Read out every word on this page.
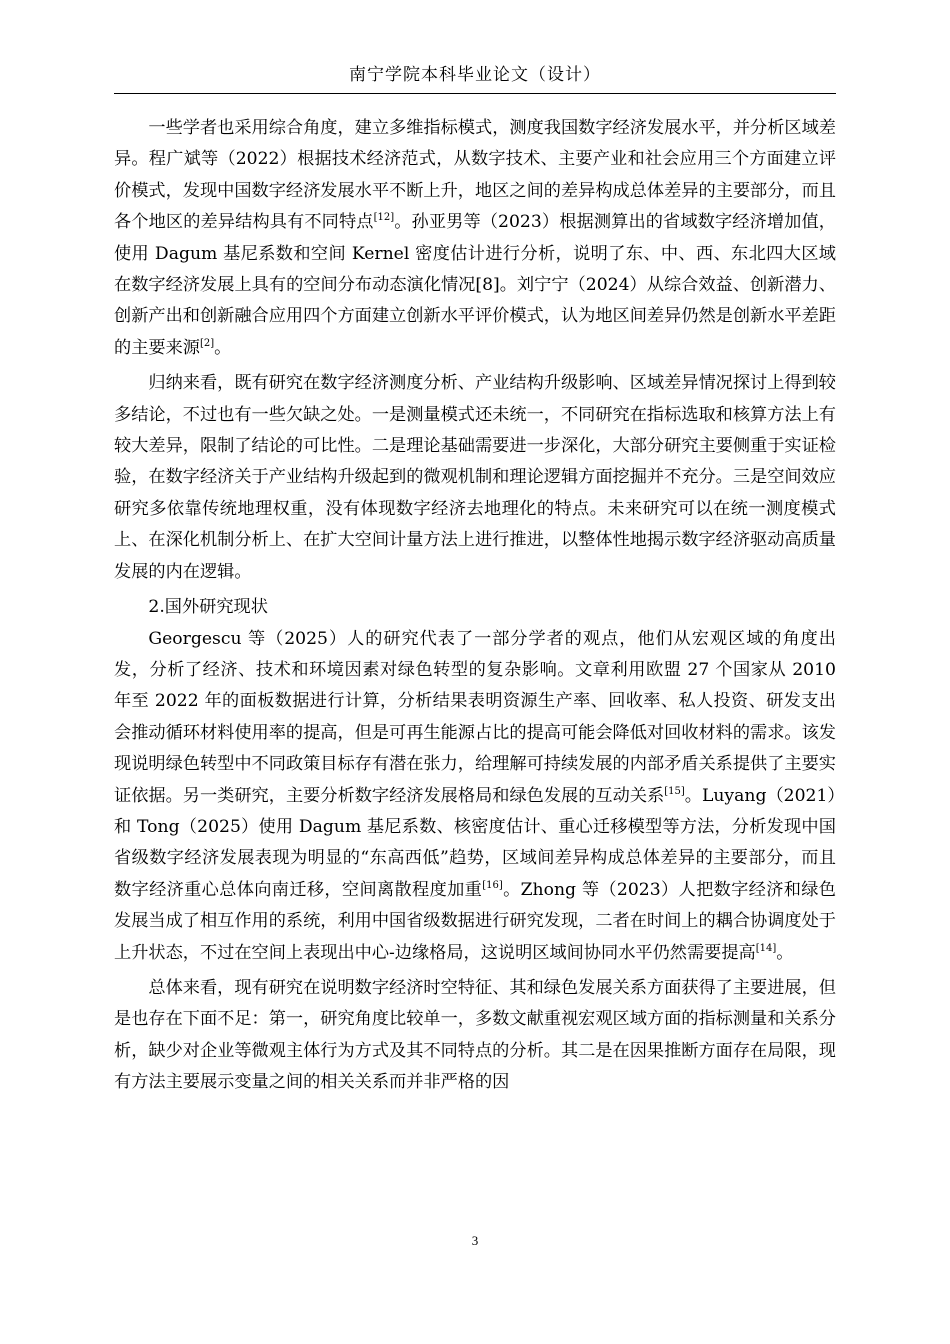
南宁学院本科毕业论文（设计）

一些学者也采用综合角度，建立多维指标模式，测度我国数字经济发展水平，并分析区域差异。程广斌等（2022）根据技术经济范式，从数字技术、主要产业和社会应用三个方面建立评价模式，发现中国数字经济发展水平不断上升，地区之间的差异构成总体差异的主要部分，而且各个地区的差异结构具有不同特点[12]。孙亚男等（2023）根据测算出的省域数字经济增加值，使用 Dagum 基尼系数和空间 Kernel 密度估计进行分析，说明了东、中、西、东北四大区域在数字经济发展上具有的空间分布动态演化情况[8]。刘宁宁（2024）从综合效益、创新潜力、创新产出和创新融合应用四个方面建立创新水平评价模式，认为地区间差异仍然是创新水平差距的主要来源[2]。

归纳来看，既有研究在数字经济测度分析、产业结构升级影响、区域差异情况探讨上得到较多结论，不过也有一些欠缺之处。一是测量模式还未统一，不同研究在指标选取和核算方法上有较大差异，限制了结论的可比性。二是理论基础需要进一步深化，大部分研究主要侧重于实证检验，在数字经济关于产业结构升级起到的微观机制和理论逻辑方面挖掘并不充分。三是空间效应研究多依靠传统地理权重，没有体现数字经济去地理化的特点。未来研究可以在统一测度模式上、在深化机制分析上、在扩大空间计量方法上进行推进，以整体性地揭示数字经济驱动高质量发展的内在逻辑。

2.国外研究现状

Georgescu 等（2025）人的研究代表了一部分学者的观点，他们从宏观区域的角度出发，分析了经济、技术和环境因素对绿色转型的复杂影响。文章利用欧盟 27 个国家从 2010 年至 2022 年的面板数据进行计算，分析结果表明资源生产率、回收率、私人投资、研发支出会推动循环材料使用率的提高，但是可再生能源占比的提高可能会降低对回收材料的需求。该发现说明绿色转型中不同政策目标存有潜在张力，给理解可持续发展的内部矛盾关系提供了主要实证依据。另一类研究，主要分析数字经济发展格局和绿色发展的互动关系[15]。Luyang（2021）和 Tong（2025）使用 Dagum 基尼系数、核密度估计、重心迁移模型等方法，分析发现中国省级数字经济发展表现为明显的“东高西低”趋势，区域间差异构成总体差异的主要部分，而且数字经济重心总体向南迁移，空间离散程度加重[16]。Zhong 等（2023）人把数字经济和绿色发展当成了相互作用的系统，利用中国省级数据进行研究发现，二者在时间上的耦合协调度处于上升状态，不过在空间上表现出中心-边缘格局，这说明区域间协同水平仍然需要提高[14]。

总体来看，现有研究在说明数字经济时空特征、其和绿色发展关系方面获得了主要进展，但是也存在下面不足：第一，研究角度比较单一，多数文献重视宏观区域方面的指标测量和关系分析，缺少对企业等微观主体行为方式及其不同特点的分析。其二是在因果推断方面存在局限，现有方法主要展示变量之间的相关关系而并非严格的因

3
